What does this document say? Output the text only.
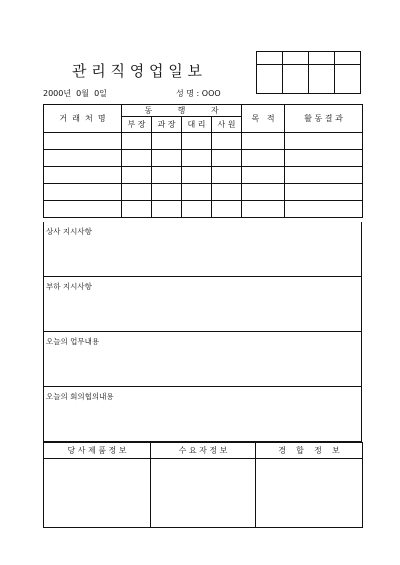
관 리 직 영 업 일 보

2000년  0월  0일	성 명 : OOO
거  래  처  명	동          행          자				목   적	활 동 결 과
	부 장	과 장	대 리	사 원		

상사 지시사항
부하 지시사항
오늘의 업무내용
오늘의 회의협의내용
당 사 제 품 정 보	수 요 자 정 보	경    합    정    보
